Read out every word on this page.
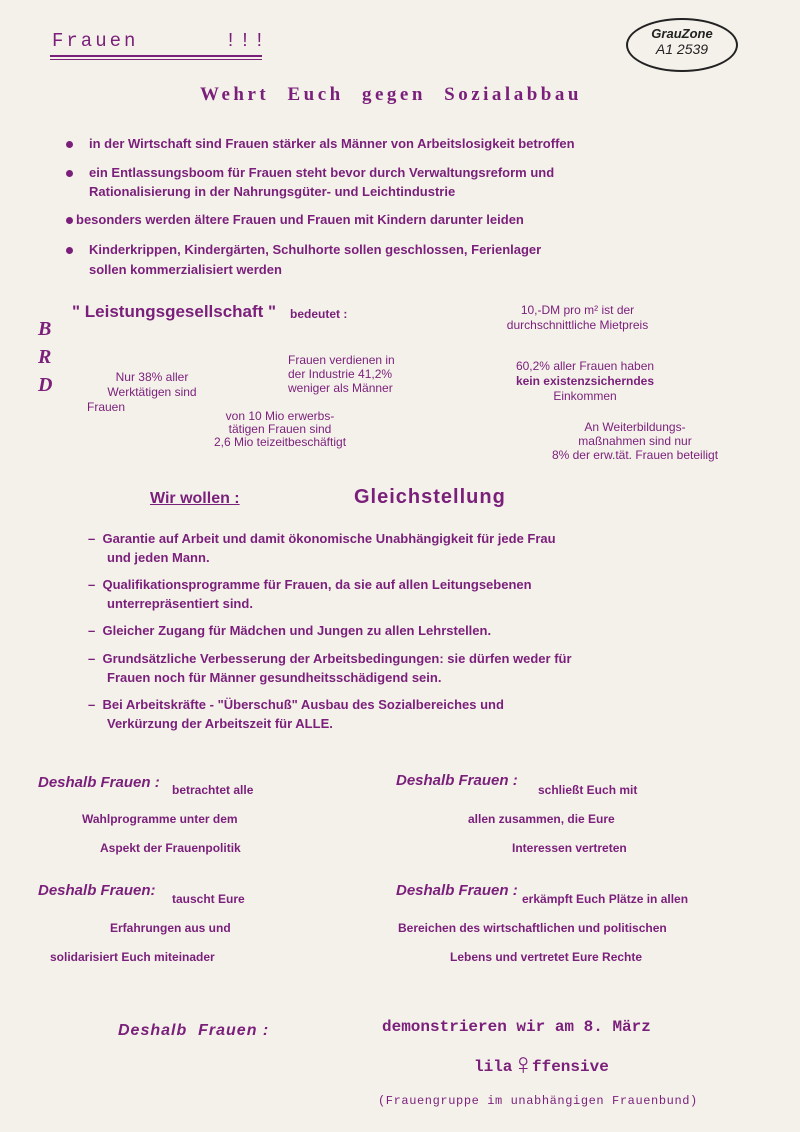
GrauZone
A1 2539
Frauen      !!!
Wehrt Euch gegen Sozialabbau
in der Wirtschaft sind Frauen stärker als Männer von Arbeitslosigkeit betroffen
ein Entlassungsboom für Frauen steht bevor durch Verwaltungsreform und
Rationalisierung in der Nahrungsgüter- und Leichtindustrie
besonders werden ältere Frauen und Frauen mit Kindern darunter leiden
Kinderkrippen, Kindergärten, Schulhorte sollen geschlossen, Ferienlager
sollen kommerzialisiert werden
B
R
D
" Leistungsgesellschaft " bedeutet :
Nur 38% aller
Werktätigen sind
Frauen
Frauen verdienen in
der Industrie 41,2%
weniger als Männer
von 10 Mio erwerbs-
tätigen Frauen sind
2,6 Mio teizeitbeschäftigt
10,-DM pro m² ist der
durchschnittliche Mietpreis
60,2% aller Frauen haben
kein existenzsicherndes
Einkommen
An Weiterbildungs-
maßnahmen sind nur
8% der erw.tät. Frauen beteiligt
Wir wollen :	Gleichstellung
– Garantie auf Arbeit und damit ökonomische Unabhängigkeit für jede Frau
und jeden Mann.
– Qualifikationsprogramme für Frauen, da sie auf allen Leitungsebenen
unterrepräsentiert sind.
– Gleicher Zugang für Mädchen und Jungen zu allen Lehrstellen.
– Grundsätzliche Verbesserung der Arbeitsbedingungen: sie dürfen weder für
Frauen noch für Männer gesundheitsschädigend sein.
– Bei Arbeitskräfte - "Überschuß" Ausbau des Sozialbereiches und
Verkürzung der Arbeitszeit für ALLE.
Deshalb Frauen : betrachtet alle
Wahlprogramme unter dem
Aspekt der Frauenpolitik
Deshalb Frauen :
schließt Euch mit
allen zusammen, die Eure
Interessen vertreten
Deshalb Frauen: tauscht Eure
Erfahrungen aus und
solidarisiert Euch miteinader
Deshalb Frauen : erkämpft Euch Plätze in allen
Bereichen des wirtschaftlichen und politischen
Lebens und vertretet Eure Rechte
Deshalb  Frauen :	demonstrieren wir am 8. März
lila ♀
ffensive
(Frauengruppe im unabhängigen Frauenbund)
